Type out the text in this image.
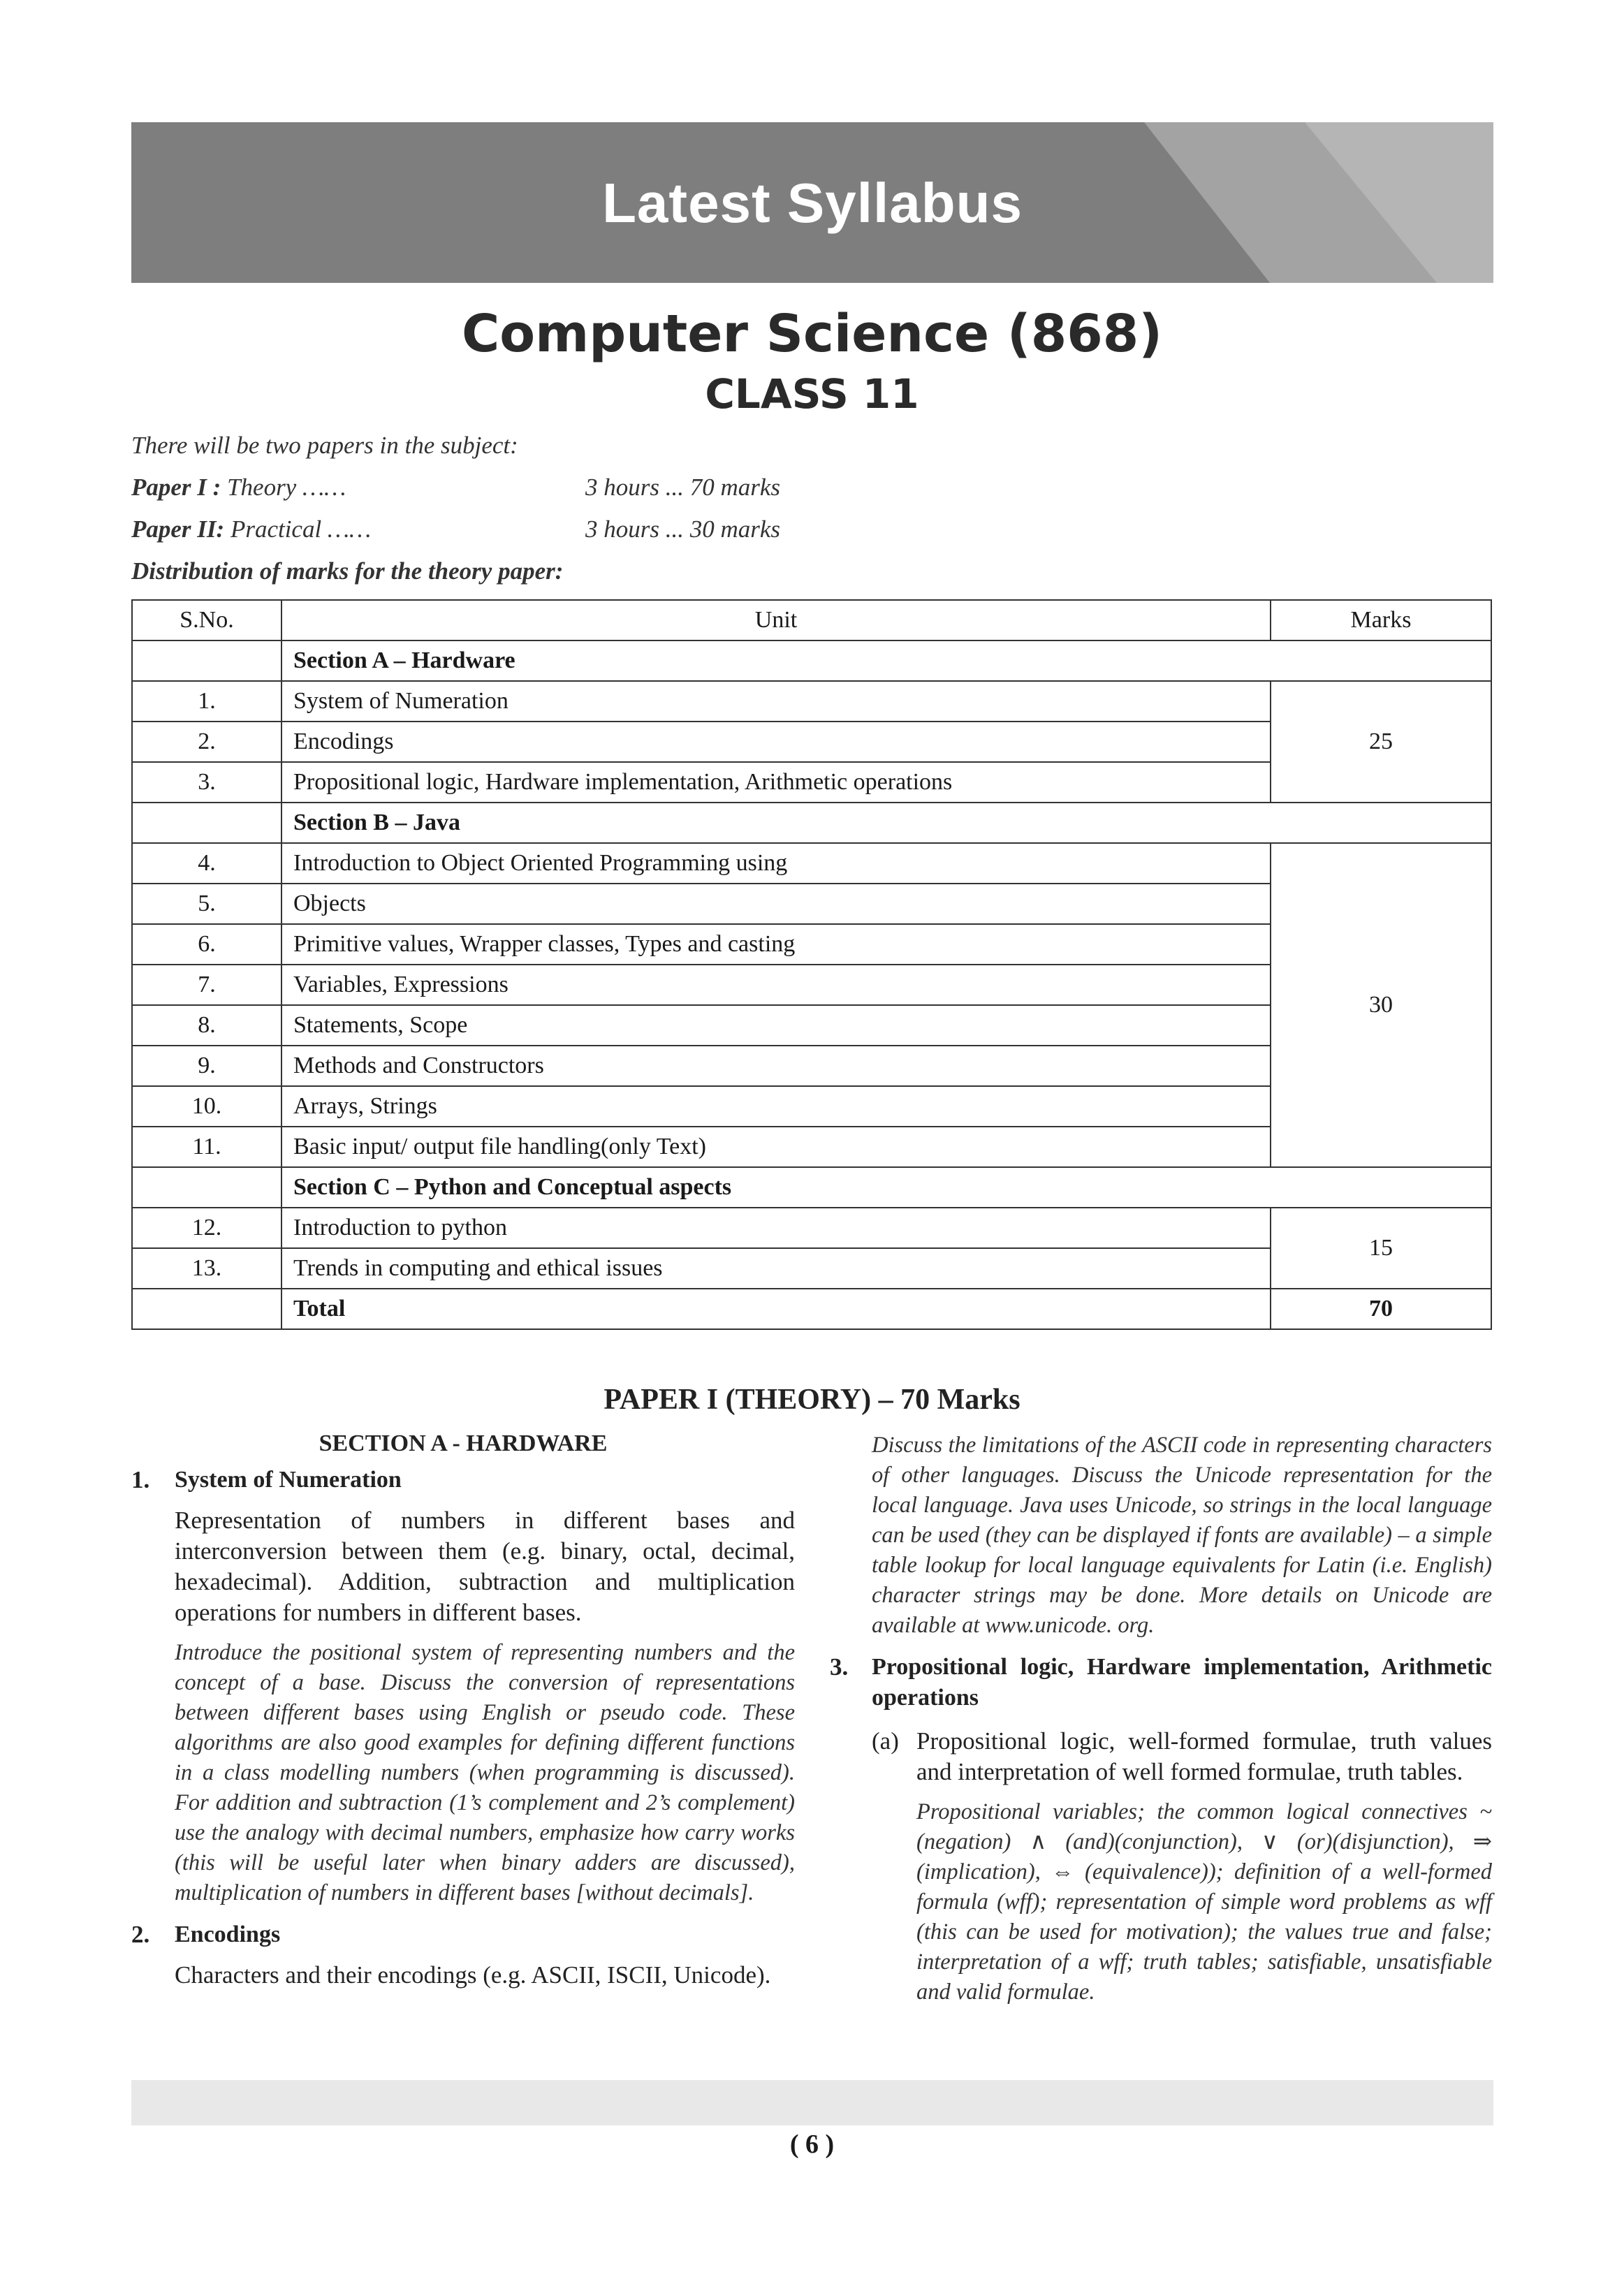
Latest Syllabus
Computer Science (868)
CLASS 11
There will be two papers in the subject:
Paper I : Theory ……	3 hours ... 70 marks
Paper II: Practical ……	3 hours ... 30 marks
Distribution of marks for the theory paper:
S.No.	Unit	Marks
	Section A – Hardware	
1.	System of Numeration	25
2.	Encodings	
3.	Propositional logic, Hardware implementation, Arithmetic operations	
	Section B – Java	
4.	Introduction to Object Oriented Programming using	30
5.	Objects	
6.	Primitive values, Wrapper classes, Types and casting	
7.	Variables, Expressions	
8.	Statements, Scope	
9.	Methods and Constructors	
10.	Arrays, Strings	
11.	Basic input/ output file handling(only Text)	
	Section C – Python and Conceptual aspects	
12.	Introduction to python	15
13.	Trends in computing and ethical issues	
	Total	70
PAPER I (THEORY) – 70 Marks

SECTION A - HARDWARE

1. System of Numeration

Representation of numbers in different bases and interconversion between them (e.g. binary, octal, decimal, hexadecimal). Addition, subtraction and multiplication operations for numbers in different bases.

Introduce the positional system of representing numbers and the concept of a base. Discuss the conversion of representations between different bases using English or pseudo code. These algorithms are also good examples for defining different functions in a class modelling numbers (when programming is discussed). For addition and subtraction (1’s complement and 2’s complement) use the analogy with decimal numbers, emphasize how carry works (this will be useful later when binary adders are discussed), multiplication of numbers in different bases [without decimals].

2. Encodings

Characters and their encodings (e.g. ASCII, ISCII, Unicode).

Discuss the limitations of the ASCII code in representing characters of other languages. Discuss the Unicode representation for the local language. Java uses Unicode, so strings in the local language can be used (they can be displayed if fonts are available) – a simple table lookup for local language equivalents for Latin (i.e. English) character strings may be done. More details on Unicode are available at www.unicode. org.

3. Propositional logic, Hardware implementation, Arithmetic operations

(a) Propositional logic, well-formed formulae, truth values and interpretation of well formed formulae, truth tables.

Propositional variables; the common logical connectives ~ (negation) ∧ (and)(conjunction), ∨ (or)(disjunction), ⇒ (implication), ⇔ (equivalence)); definition of a well-formed formula (wff); representation of simple word problems as wff (this can be used for motivation); the values true and false; interpretation of a wff; truth tables; satisfiable, unsatisfiable and valid formulae.

( 6 )
